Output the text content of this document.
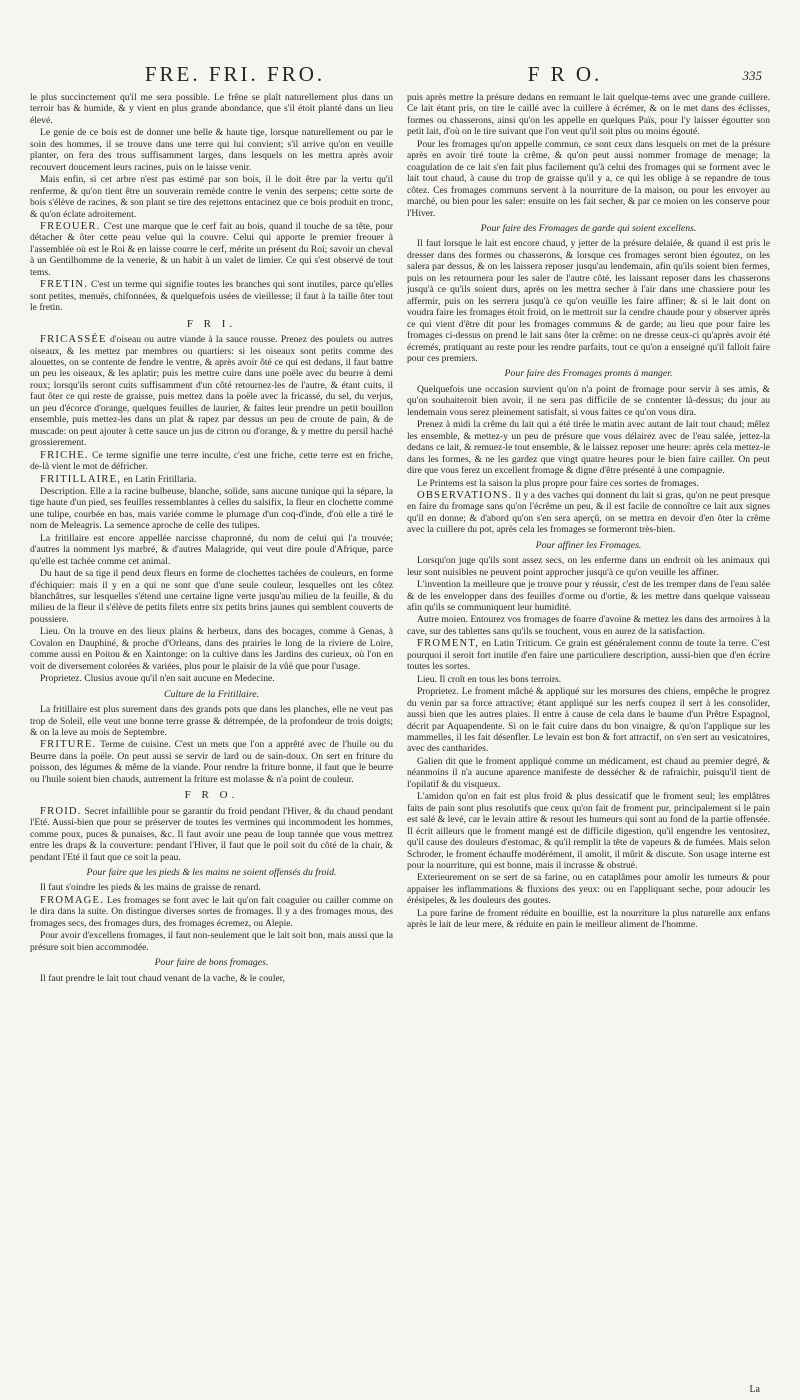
FRE. FRI. FRO.	F R O.	335

le plus succinctement qu'il me sera possible. Le frêne se plaît naturellement plus dans un terroir bas & humide, & y vient en plus grande abondance, que s'il étoit planté dans un lieu élevé.

Le genie de ce bois est de donner une belle & haute tige, lorsque naturellement ou par le soin des hommes, il se trouve dans une terre qui lui convient; s'il arrive qu'on en veuille planter, on fera des trous suffisamment larges, dans lesquels on les mettra après avoir recouvert doucement leurs racines, puis on le laisse venir.

Mais enfin, si cet arbre n'est pas estimé par son bois, il le doit être par la vertu qu'il renferme, & qu'on tient être un souverain remède contre le venin des serpens; cette sorte de bois s'élève de racines, & son plant se tire des rejettons entacinez que ce bois produit en tronc, & qu'on éclate adroitement.

FREOUER. C'est une marque que le cerf fait au bois, quand il touche de sa tête, pour détacher & ôter cette peau velue qui la couvre. Celui qui apporte le premier freouer à l'assemblée où est le Roi & en laisse courre le cerf, mérite un présent du Roi; savoir un cheval à un Gentilhomme de la venerie, & un habit à un valet de limier. Ce qui s'est observé de tout tems.

FRETIN. C'est un terme qui signifie toutes les branches qui sont inutiles, parce qu'elles sont petites, menuës, chifonnées, & quelquefois usées de vieillesse; il faut à la taille ôter tout le fretin.

F R I.

FRICASSÉE d'oiseau ou autre viande à la sauce rousse. Prenez des poulets ou autres oiseaux, & les mettez par membres ou quartiers: si les oiseaux sont petits comme des alouettes, on se contente de fendre le ventre, & après avoir ôté ce qui est dedans, il faut battre un peu les oiseaux, & les aplatir; puis les mettre cuire dans une poële avec du beurre à demi roux; lorsqu'ils seront cuits suffisamment d'un côté retournez-les de l'autre, & étant cuits, il faut ôter ce qui reste de graisse, puis mettez dans la poële avec la fricassé, du sel, du verjus, un peu d'écorce d'orange, quelques feuilles de laurier, & faites leur prendre un petit bouillon ensemble, puis mettez-les dans un plat & rapez par dessus un peu de croute de pain, & de muscade: on peut ajouter à cette sauce un jus de citron ou d'orange, & y mettre du persil haché grossierement.

FRICHE. Ce terme signifie une terre inculte, c'est une friche, cette terre est en friche, de-là vient le mot de défricher.

FRITILLAIRE, en Latin Fritillaria.

Description. Elle a la racine bulbeuse, blanche, solide, sans aucune tunique qui la sépare, la tige haute d'un pied, ses feuilles ressemblantes à celles du salsifix, la fleur en clochette comme une tulipe, courbée en bas, mais variée comme le plumage d'un coq-d'inde, d'où elle a tiré le nom de Meleagris. La semence aproche de celle des tulipes.

La fritillaire est encore appellée narcisse chapronné, du nom de celui qui l'a trouvée; d'autres la nomment lys marbré, & d'autres Malagride, qui veut dire poule d'Afrique, parce qu'elle est tachée comme cet animal.

Du haut de sa tige il pend deux fleurs en forme de clochettes tachées de couleurs, en forme d'échiquier: mais il y en a qui ne sont que d'une seule couleur, lesquelles ont les côtez blanchâtres, sur lesquelles s'étend une certaine ligne verte jusqu'au milieu de la feuille, & du milieu de la fleur il s'élève de petits filets entre six petits brins jaunes qui semblent couverts de poussiere.

Lieu. On la trouve en des lieux plains & herbeux, dans des bocages, comme à Genas, à Covalon en Dauphiné, & proche d'Orleans, dans des prairies le long de la riviere de Loire, comme aussi en Poitou & en Xaintonge: on la cultive dans les Jardins des curieux, où l'on en voit de diversement colorées & variées, plus pour le plaisir de la vûë que pour l'usage.

Proprietez. Clusius avoue qu'il n'en sait aucune en Medecine.

Culture de la Fritillaire.

La fritillaire est plus surement dans des grands pots que dans les planches, elle ne veut pas trop de Soleil, elle veut une bonne terre grasse & détrempée, de la profondeur de trois doigts; & on la leve au mois de Septembre.

FRITURE. Terme de cuisine. C'est un mets que l'on a apprêté avec de l'huile ou du Beurre dans la poële. On peut aussi se servir de lard ou de sain-doux. On sert en friture du poisson, des légumes & même de la viande. Pour rendre la friture bonne, il faut que le beurre ou l'huile soient bien chauds, autrement la friture est molasse & n'a point de couleur.

F R O.

FROID. Secret infaillible pour se garantir du froid pendant l'Hiver, & du chaud pendant l'Eté. Aussi-bien que pour se préserver de toutes les vermines qui incommodent les hommes, comme poux, puces & punaises, &c. Il faut avoir une peau de loup tannée que vous mettrez entre les draps & la couverture: pendant l'Hiver, il faut que le poil soit du côté de la chair, & pendant l'Eté il faut que ce soit la peau.

Pour faire que les pieds & les mains ne soient offensés du froid.

Il faut s'oindre les pieds & les mains de graisse de renard.

FROMAGE. Les fromages se font avec le lait qu'on fait coaguler ou cailler comme on le dira dans la suite. On distingue diverses sortes de fromages. Il y a des fromages mous, des fromages secs, des fromages durs, des fromages écremez, ou Alepie.

Pour avoir d'excellens fromages, il faut non-seulement que le lait soit bon, mais aussi que la présure soit bien accommodée.

Pour faire de bons fromages.

Il faut prendre le lait tout chaud venant de la vache, & le couler,

puis après mettre la présure dedans en remuant le lait quelque-tems avec une grande cuillere. Ce lait étant pris, on tire le caillé avec la cuillere à écrémer, & on le met dans des éclisses, formes ou chasserons, ainsi qu'on les appelle en quelques Païs, pour l'y laisser égoutter son petit lait, d'où on le tire suivant que l'on veut qu'il soit plus ou moins égouté.

Pour les fromages qu'on appelle commun, ce sont ceux dans lesquels on met de la présure après en avoir tiré toute la crême, & qu'on peut aussi nommer fromage de menage; la coagulation de ce lait s'en fait plus facilement qu'à celui des fromages qui se forment avec le lait tout chaud, à cause du trop de graisse qu'il y a, ce qui les oblige à se repandre de tous côtez. Ces fromages communs servent à la nourriture de la maison, ou pour les envoyer au marché, ou bien pour les saler: ensuite on les fait secher, & par ce moien on les conserve pour l'Hiver.

Pour faire des Fromages de garde qui soient excellens.

Il faut lorsque le lait est encore chaud, y jetter de la présure delaiée, & quand il est pris le dresser dans des formes ou chasserons, & lorsque ces fromages seront bien égoutez, on les salera par dessus, & on les laissera reposer jusqu'au lendemain, afin qu'ils soient bien fermes, puis on les retournera pour les saler de l'autre côté, les laissant reposer dans les chasserons jusqu'à ce qu'ils soient durs, après on les mettra secher à l'air dans une chassiere pour les affermir, puis on les serrera jusqu'à ce qu'on veuille les faire affiner; & si le lait dont on voudra faire les fromages étoit froid, on le mettroit sur la cendre chaude pour y observer après ce qui vient d'être dit pour les fromages communs & de garde; au lieu que pour faire les fromages ci-dessus on prend le lait sans ôter la crême: on ne dresse ceux-ci qu'après avoir été écremés, pratiquant au reste pour les rendre parfaits, tout ce qu'on a enseigné qu'il falloit faire pour ces premiers.

Pour faire des Fromages promts à manger.

Quelquefois une occasion survient qu'on n'a point de fromage pour servir à ses amis, & qu'on souhaiteroit bien avoir, il ne sera pas difficile de se contenter là-dessus; du jour au lendemain vous serez pleinement satisfait, si vous faites ce qu'on vous dira.

Prenez à midi la crême du lait qui a été tirée le matin avec autant de lait tout chaud; mêlez les ensemble, & mettez-y un peu de présure que vous délairez avec de l'eau salée, jettez-la dedans ce lait, & remuez-le tout ensemble, & le laissez reposer une heure: après cela mettez-le dans les formes, & ne les gardez que vingt quatre heures pour le bien faire cailler. On peut dire que vous ferez un excellent fromage & digne d'être présenté à une compagnie.

Le Printems est la saison la plus propre pour faire ces sortes de fromages.

OBSERVATIONS. Il y a des vaches qui donnent du lait si gras, qu'on ne peut presque en faire du fromage sans qu'on l'écrême un peu, & il est facile de connoître ce lait aux signes qu'il en donne; & d'abord qu'on s'en sera aperçû, on se mettra en devoir d'en ôter la crême avec la cuillere du pot, après cela les fromages se formeront très-bien.

Pour affiner les Fromages.

Lorsqu'on juge qu'ils sont assez secs, on les enferme dans un endroit où les animaux qui leur sont nuisibles ne peuvent point approcher jusqu'à ce qu'on veuille les affiner.

L'invention la meilleure que je trouve pour y réussir, c'est de les tremper dans de l'eau salée & de les envelopper dans des feuilles d'orme ou d'ortie, & les mettre dans quelque vaisseau afin qu'ils se communiquent leur humidité.

Autre moien. Entourez vos fromages de foarre d'avoine & mettez les dans des armoires à la cave, sur des tablettes sans qu'ils se touchent, vous en aurez de la satisfaction.

FROMENT, en Latin Triticum. Ce grain est généralement connu de toute la terre. C'est pourquoi il seroit fort inutile d'en faire une particuliere description, aussi-bien que d'en écrire toutes les sortes.

Lieu. Il croît en tous les bons terroirs.

Proprietez. Le froment mâché & appliqué sur les morsures des chiens, empêche le progrez du venin par sa force attractive; étant appliqué sur les nerfs coupez il sert à les consolider, aussi bien que les autres plaies. Il entre à cause de cela dans le baume d'un Prêtre Espagnol, décrit par Aquapendente. Si on le fait cuire dans du bon vinaigre, & qu'on l'applique sur les mammelles, il les fait désenfler. Le levain est bon & fort attractif, on s'en sert au vesicatoires, avec des cantharides.

Galien dit que le froment appliqué comme un médicament, est chaud au premier degré, & néanmoins il n'a aucune aparence manifeste de dessécher & de rafraichir, puisqu'il tient de l'opilatif & du visqueux.

L'amidon qu'on en fait est plus froid & plus dessicatif que le froment seul; les emplâtres faits de pain sont plus resolutifs que ceux qu'on fait de froment pur, principalement si le pain est salé & levé, car le levain attire & resout les humeurs qui sont au fond de la partie offensée. Il écrit ailleurs que le froment mangé est de difficile digestion, qu'il engendre les ventositez, qu'il cause des douleurs d'estomac, & qu'il remplit la tête de vapeurs & de fumées. Mais selon Schroder, le froment échauffe modérément, il amolit, il mûrit & discute. Son usage interne est pour la nourriture, qui est bonne, mais il incrasse & obstruë.

Exterieurement on se sert de sa farine, ou en cataplâmes pour amolir les tumeurs & pour appaiser les inflammations & fluxions des yeux: ou en l'appliquant seche, pour adoucir les érésipeles, & les douleurs des goutes.

La pure farine de froment réduite en bouillie, est la nourriture la plus naturelle aux enfans après le lait de leur mere, & réduite en pain le meilleur aliment de l'homme.

La
